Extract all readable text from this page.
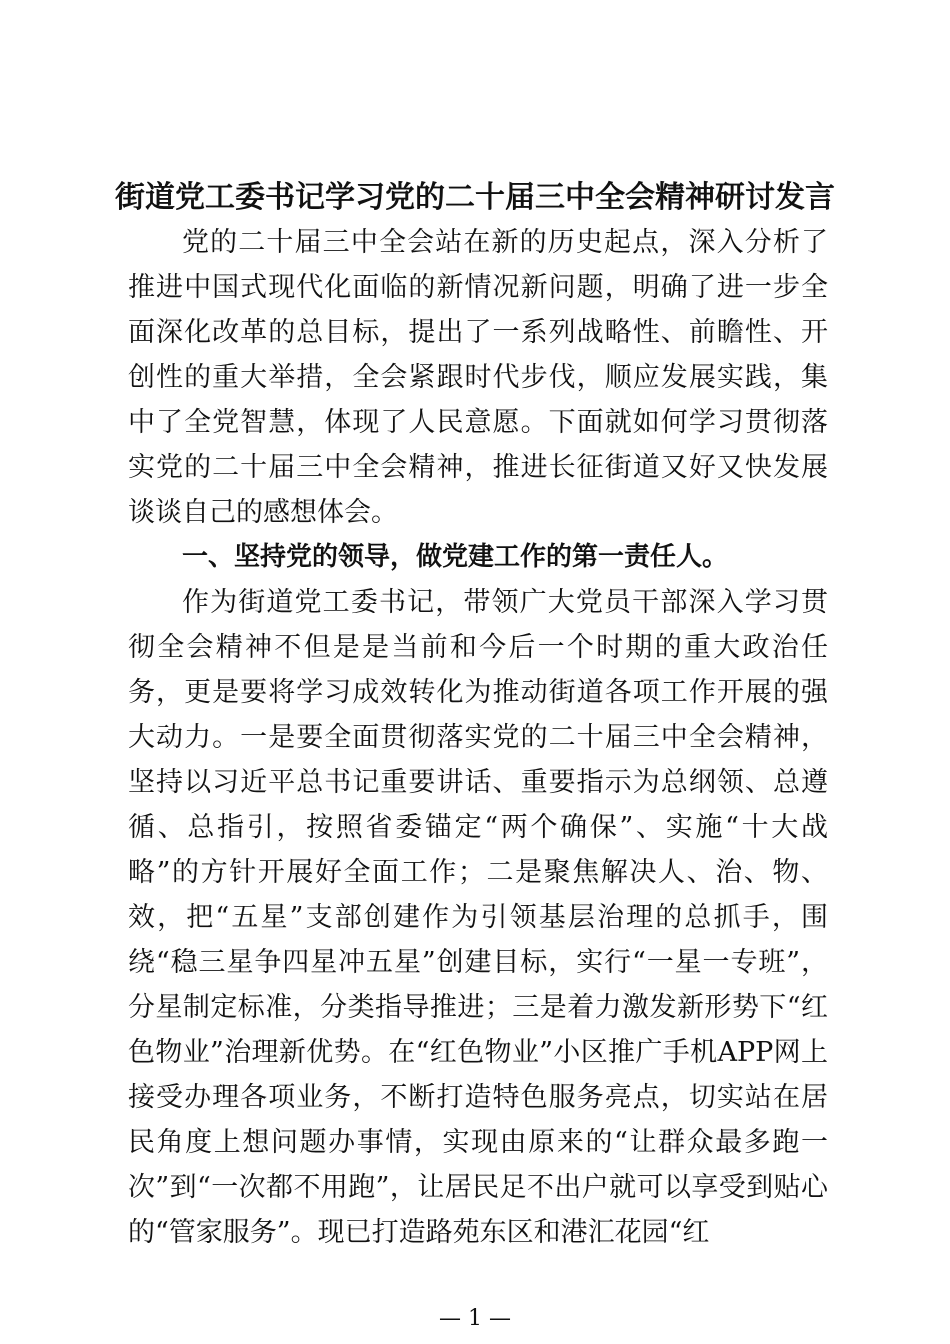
街道党工委书记学习党的二十届三中全会精神研讨发言

党的二十届三中全会站在新的历史起点，深入分析了推进中国式现代化面临的新情况新问题，明确了进一步全面深化改革的总目标，提出了一系列战略性、前瞻性、开创性的重大举措，全会紧跟时代步伐，顺应发展实践，集中了全党智慧，体现了人民意愿。下面就如何学习贯彻落实党的二十届三中全会精神，推进长征街道又好又快发展谈谈自己的感想体会。

一、坚持党的领导，做党建工作的第一责任人。

作为街道党工委书记，带领广大党员干部深入学习贯彻全会精神不但是是当前和今后一个时期的重大政治任务，更是要将学习成效转化为推动街道各项工作开展的强大动力。一是要全面贯彻落实党的二十届三中全会精神，坚持以习近平总书记重要讲话、重要指示为总纲领、总遵循、总指引，按照省委锚定“两个确保”、实施“十大战略”的方针开展好全面工作；二是聚焦解决人、治、物、效，把“五星”支部创建作为引领基层治理的总抓手，围绕“稳三星争四星冲五星”创建目标，实行“一星一专班”，分星制定标准，分类指导推进；三是着力激发新形势下“红色物业”治理新优势。在“红色物业”小区推广手机APP网上接受办理各项业务，不断打造特色服务亮点，切实站在居民角度上想问题办事情，实现由原来的“让群众最多跑一次”到“一次都不用跑”，让居民足不出户就可以享受到贴心的“管家服务”。现已打造路苑东区和港汇花园“红

— 1 —
